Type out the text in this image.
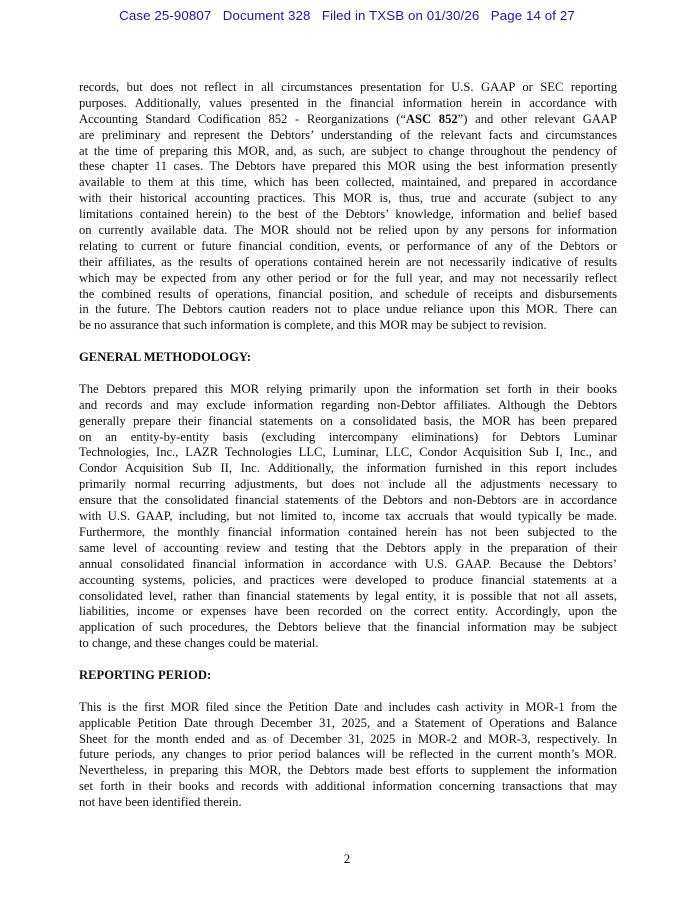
Case 25-90807 Document 328 Filed in TXSB on 01/30/26 Page 14 of 27
records, but does not reflect in all circumstances presentation for U.S. GAAP or SEC reporting
purposes. Additionally, values presented in the financial information herein in accordance with
Accounting Standard Codification 852 - Reorganizations (“ASC 852”) and other relevant GAAP
are preliminary and represent the Debtors’ understanding of the relevant facts and circumstances
at the time of preparing this MOR, and, as such, are subject to change throughout the pendency of
these chapter 11 cases. The Debtors have prepared this MOR using the best information presently
available to them at this time, which has been collected, maintained, and prepared in accordance
with their historical accounting practices. This MOR is, thus, true and accurate (subject to any
limitations contained herein) to the best of the Debtors’ knowledge, information and belief based
on currently available data. The MOR should not be relied upon by any persons for information
relating to current or future financial condition, events, or performance of any of the Debtors or
their affiliates, as the results of operations contained herein are not necessarily indicative of results
which may be expected from any other period or for the full year, and may not necessarily reflect
the combined results of operations, financial position, and schedule of receipts and disbursements
in the future. The Debtors caution readers not to place undue reliance upon this MOR. There can
be no assurance that such information is complete, and this MOR may be subject to revision.
GENERAL METHODOLOGY:
The Debtors prepared this MOR relying primarily upon the information set forth in their books
and records and may exclude information regarding non-Debtor affiliates. Although the Debtors
generally prepare their financial statements on a consolidated basis, the MOR has been prepared
on an entity-by-entity basis (excluding intercompany eliminations) for Debtors Luminar
Technologies, Inc., LAZR Technologies LLC, Luminar, LLC, Condor Acquisition Sub I, Inc., and
Condor Acquisition Sub II, Inc. Additionally, the information furnished in this report includes
primarily normal recurring adjustments, but does not include all the adjustments necessary to
ensure that the consolidated financial statements of the Debtors and non-Debtors are in accordance
with U.S. GAAP, including, but not limited to, income tax accruals that would typically be made.
Furthermore, the monthly financial information contained herein has not been subjected to the
same level of accounting review and testing that the Debtors apply in the preparation of their
annual consolidated financial information in accordance with U.S. GAAP. Because the Debtors’
accounting systems, policies, and practices were developed to produce financial statements at a
consolidated level, rather than financial statements by legal entity, it is possible that not all assets,
liabilities, income or expenses have been recorded on the correct entity. Accordingly, upon the
application of such procedures, the Debtors believe that the financial information may be subject
to change, and these changes could be material.
REPORTING PERIOD:
This is the first MOR filed since the Petition Date and includes cash activity in MOR-1 from the
applicable Petition Date through December 31, 2025, and a Statement of Operations and Balance
Sheet for the month ended and as of December 31, 2025 in MOR-2 and MOR-3, respectively. In
future periods, any changes to prior period balances will be reflected in the current month’s MOR.
Nevertheless, in preparing this MOR, the Debtors made best efforts to supplement the information
set forth in their books and records with additional information concerning transactions that may
not have been identified therein.
2
